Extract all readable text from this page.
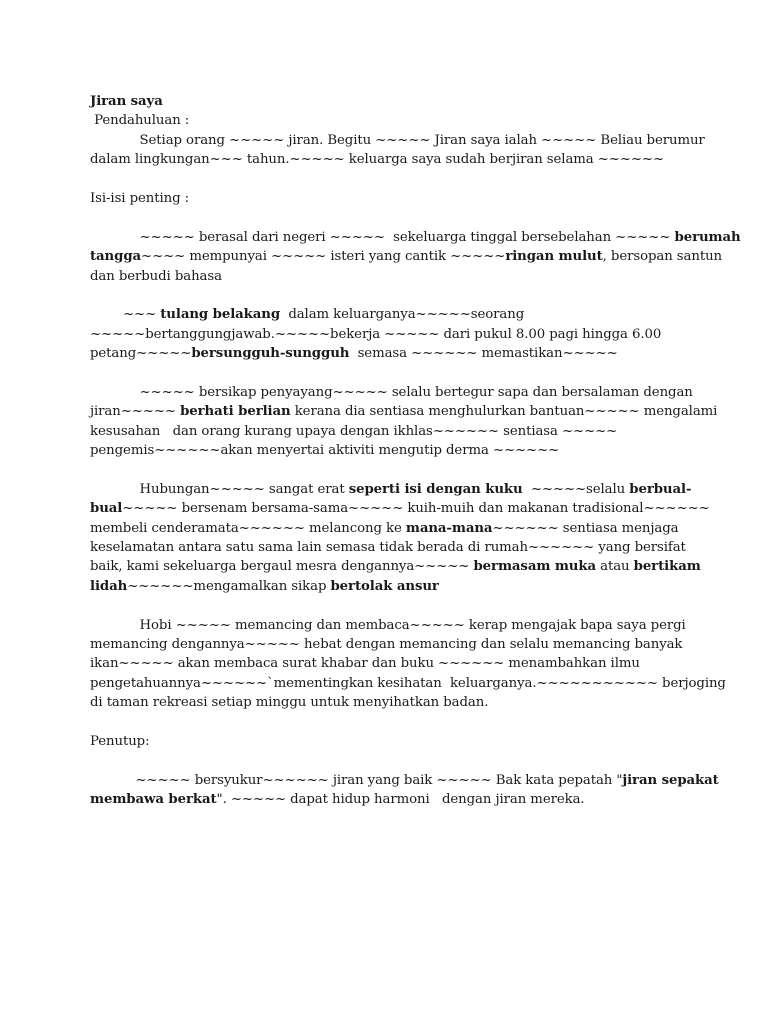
Jiran saya
Pendahuluan :
Setiap orang ~~~~~ jiran. Begitu ~~~~~ Jiran saya ialah ~~~~~ Beliau berumur
dalam lingkungan~~~ tahun.~~~~~ keluarga saya sudah berjiran selama ~~~~~~
Isi-isi penting :
~~~~~ berasal dari negeri ~~~~~  sekeluarga tinggal bersebelahan ~~~~~ berumah
tangga~~~~ mempunyai ~~~~~ isteri yang cantik ~~~~~ringan mulut, bersopan santun
dan berbudi bahasa
~~~ tulang belakang  dalam keluarganya~~~~~seorang
~~~~~bertanggungjawab.~~~~~bekerja ~~~~~ dari pukul 8.00 pagi hingga 6.00
petang~~~~~bersungguh-sungguh  semasa ~~~~~~ memastikan~~~~~
~~~~~ bersikap penyayang~~~~~ selalu bertegur sapa dan bersalaman dengan
jiran~~~~~ berhati berlian kerana dia sentiasa menghulurkan bantuan~~~~~ mengalami
kesusahan   dan orang kurang upaya dengan ikhlas~~~~~~ sentiasa ~~~~~
pengemis~~~~~~akan menyertai aktiviti mengutip derma ~~~~~~
Hubungan~~~~~ sangat erat seperti isi dengan kuku  ~~~~~selalu berbual-
bual~~~~~ bersenam bersama-sama~~~~~ kuih-muih dan makanan tradisional~~~~~~
membeli cenderamata~~~~~~ melancong ke mana-mana~~~~~~ sentiasa menjaga
keselamatan antara satu sama lain semasa tidak berada di rumah~~~~~~ yang bersifat
baik, kami sekeluarga bergaul mesra dengannya~~~~~ bermasam muka atau bertikam
lidah~~~~~~mengamalkan sikap bertolak ansur
Hobi ~~~~~ memancing dan membaca~~~~~ kerap mengajak bapa saya pergi
memancing dengannya~~~~~ hebat dengan memancing dan selalu memancing banyak
ikan~~~~~ akan membaca surat khabar dan buku ~~~~~~ menambahkan ilmu
pengetahuannya~~~~~~`mementingkan kesihatan  keluarganya.~~~~~~~~~~~ berjoging
di taman rekreasi setiap minggu untuk menyihatkan badan.
Penutup:
~~~~~ bersyukur~~~~~~ jiran yang baik ~~~~~ Bak kata pepatah "jiran sepakat
membawa berkat". ~~~~~ dapat hidup harmoni   dengan jiran mereka.
